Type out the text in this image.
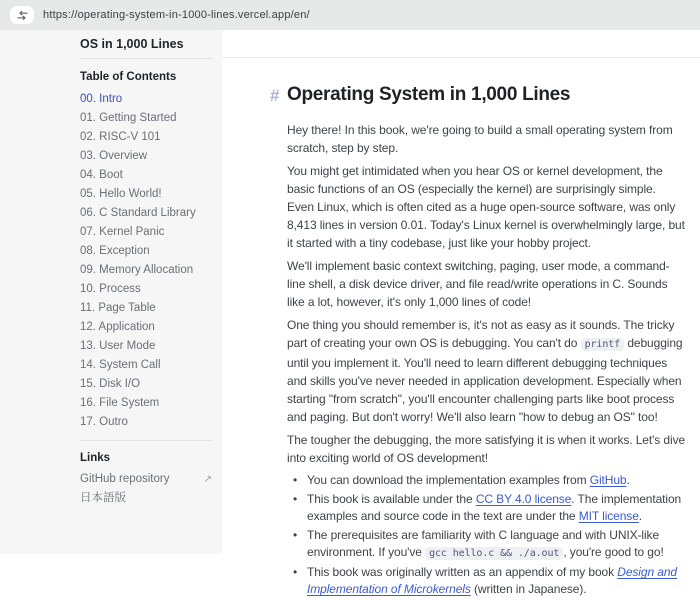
https://operating-system-in-1000-lines.vercel.app/en/
OS in 1,000 Lines
Table of Contents
00. Intro
01. Getting Started
02. RISC-V 101
03. Overview
04. Boot
05. Hello World!
06. C Standard Library
07. Kernel Panic
08. Exception
09. Memory Allocation
10. Process
11. Page Table
12. Application
13. User Mode
14. System Call
15. Disk I/O
16. File System
17. Outro
Links
GitHub repository	↗
日本語版
# Operating System in 1,000 Lines

Hey there! In this book, we're going to build a small operating system from scratch, step by step.

You might get intimidated when you hear OS or kernel development, the basic functions of an OS (especially the kernel) are surprisingly simple. Even Linux, which is often cited as a huge open-source software, was only 8,413 lines in version 0.01. Today's Linux kernel is overwhelmingly large, but it started with a tiny codebase, just like your hobby project.

We'll implement basic context switching, paging, user mode, a command-line shell, a disk device driver, and file read/write operations in C. Sounds like a lot, however, it's only 1,000 lines of code!

One thing you should remember is, it's not as easy as it sounds. The tricky part of creating your own OS is debugging. You can't do printf debugging until you implement it. You'll need to learn different debugging techniques and skills you've never needed in application development. Especially when starting "from scratch", you'll encounter challenging parts like boot process and paging. But don't worry! We'll also learn "how to debug an OS" too!

The tougher the debugging, the more satisfying it is when it works. Let's dive into exciting world of OS development!

• You can download the implementation examples from GitHub.
• This book is available under the CC BY 4.0 license. The implementation examples and source code in the text are under the MIT license.
• The prerequisites are familiarity with C language and with UNIX-like environment. If you've gcc hello.c && ./a.out , you're good to go!
• This book was originally written as an appendix of my book Design and Implementation of Microkernels (written in Japanese).
